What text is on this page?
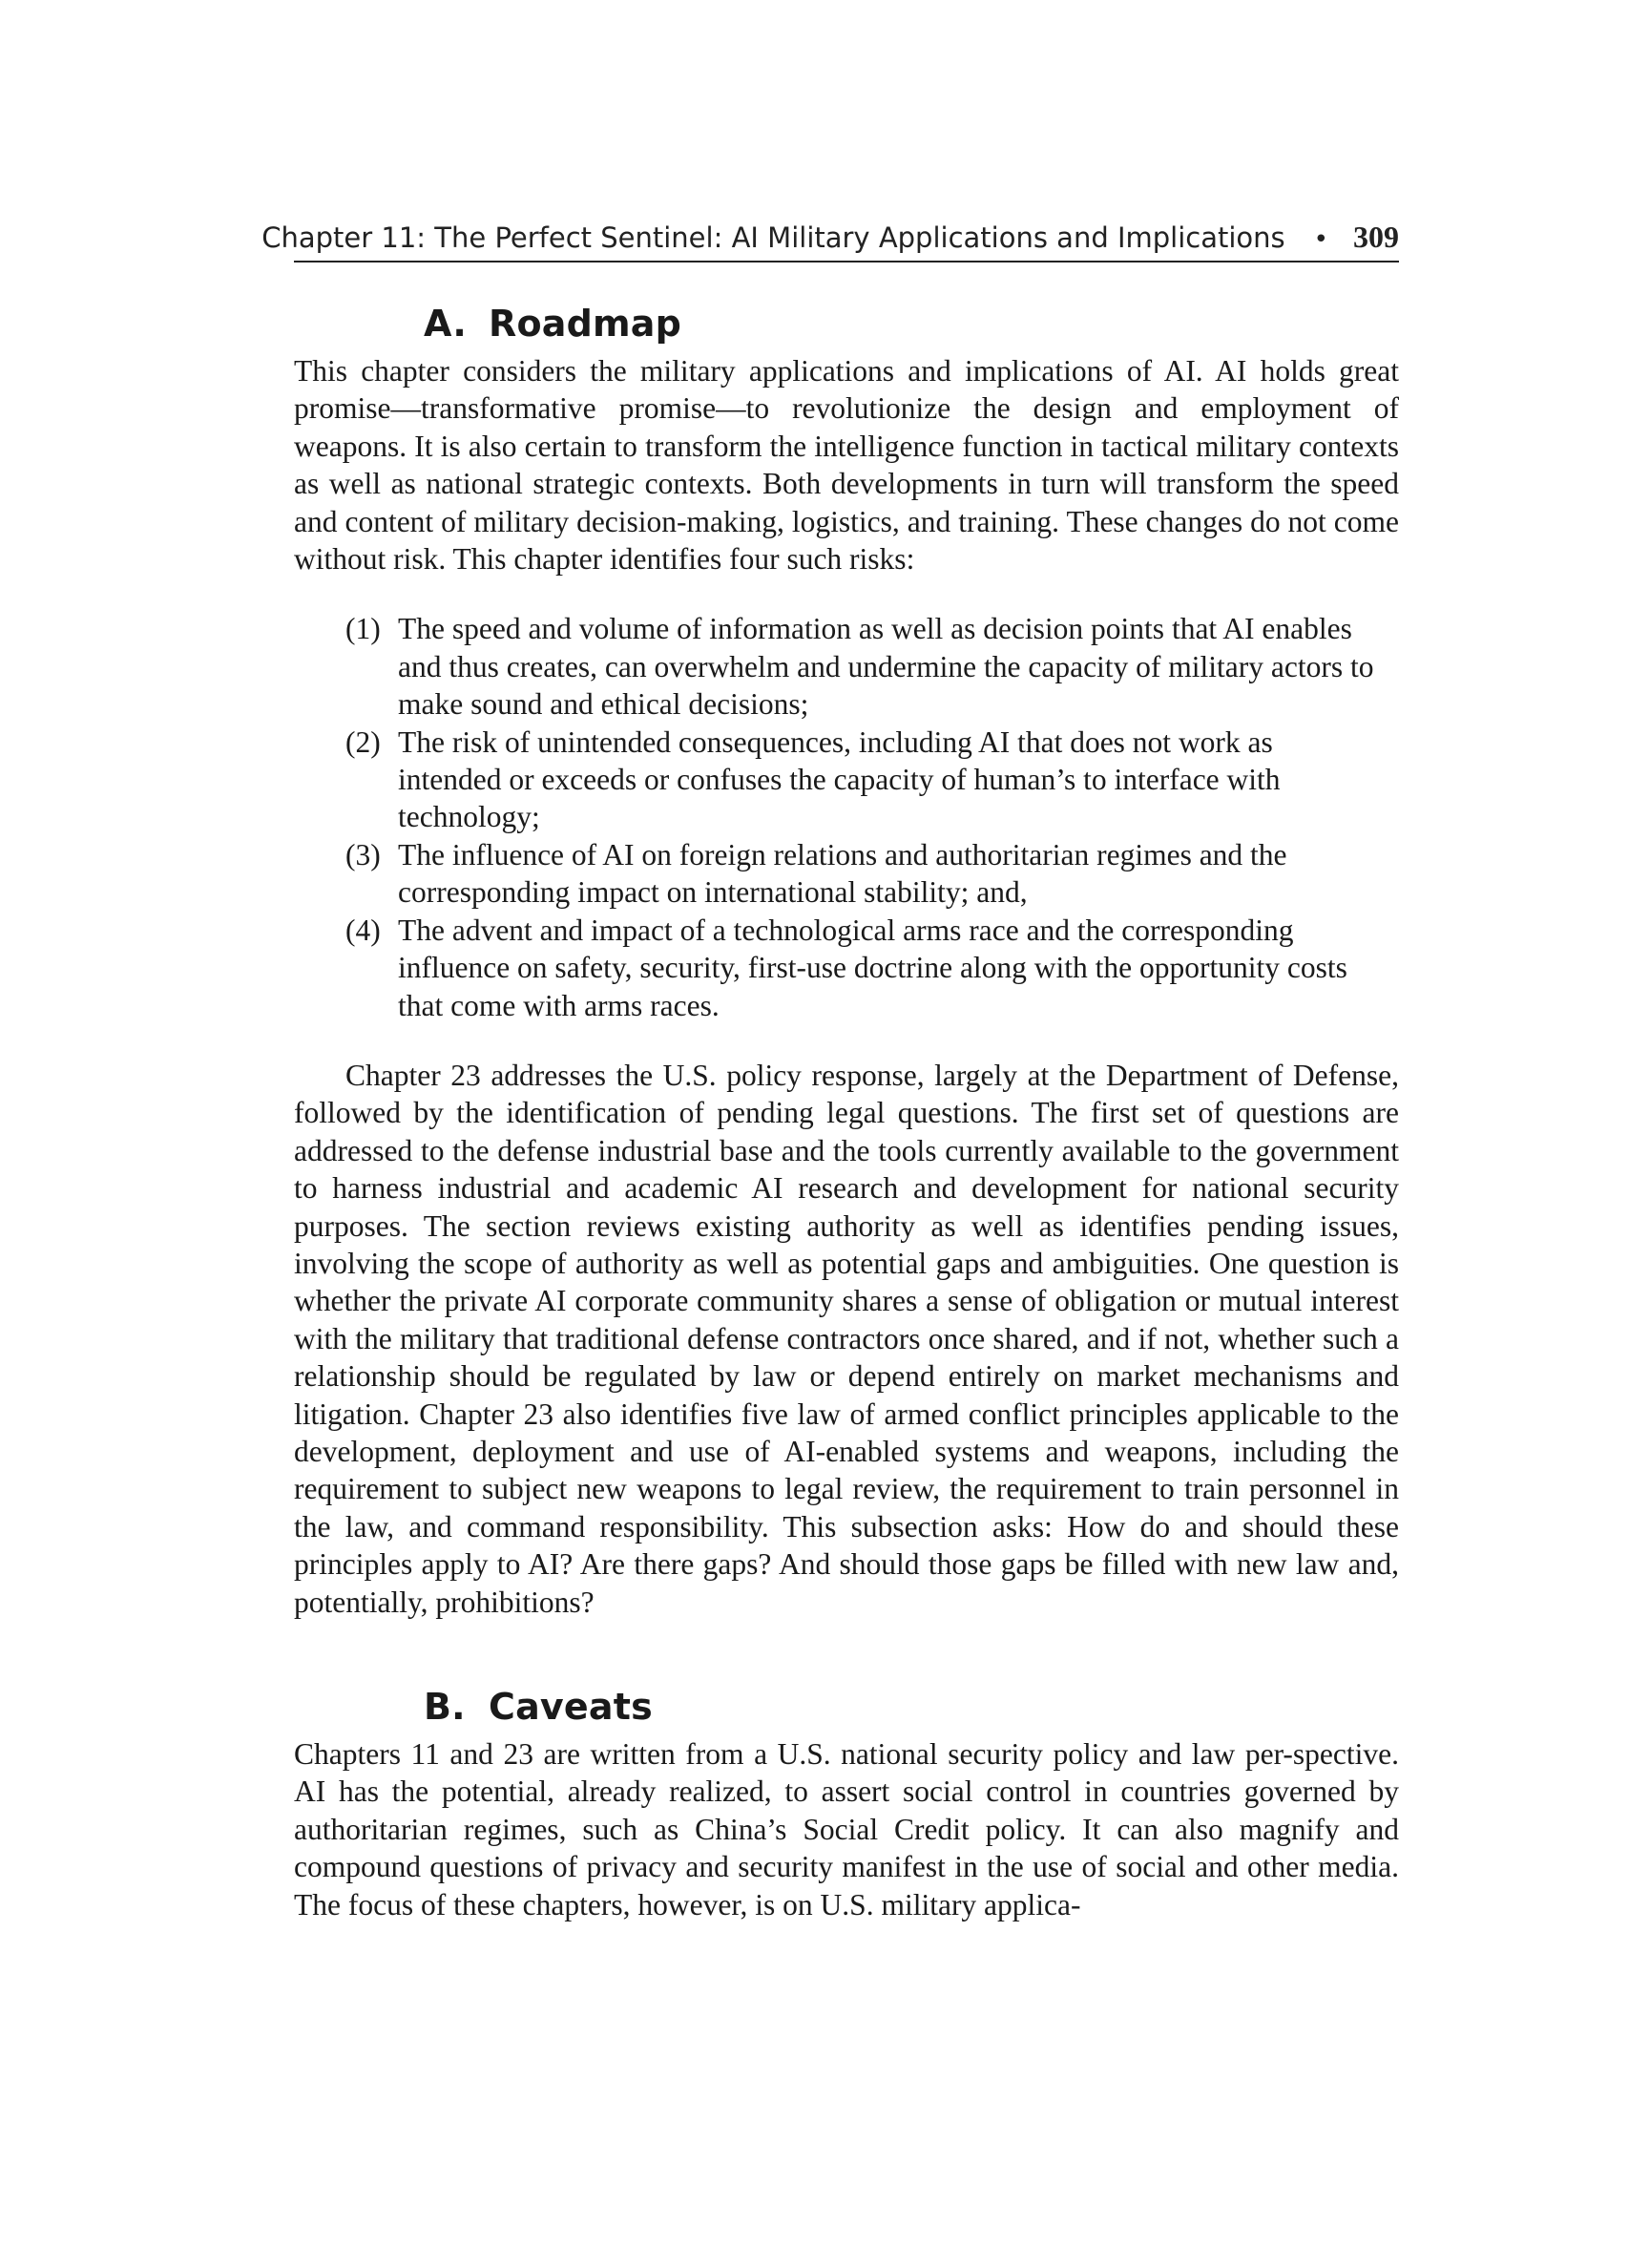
Chapter 11: The Perfect Sentinel: AI Military Applications and Implications • 309
A. Roadmap

This chapter considers the military applications and implications of AI. AI holds great promise—transformative promise—to revolutionize the design and employment of weapons. It is also certain to transform the intelligence function in tactical military contexts as well as national strategic contexts. Both developments in turn will transform the speed and content of military decision-making, logistics, and training. These changes do not come without risk. This chapter identifies four such risks:

(1) The speed and volume of information as well as decision points that AI enables and thus creates, can overwhelm and undermine the capacity of military actors to make sound and ethical decisions;
(2) The risk of unintended consequences, including AI that does not work as intended or exceeds or confuses the capacity of human’s to interface with technology;
(3) The influence of AI on foreign relations and authoritarian regimes and the corresponding impact on international stability; and,
(4) The advent and impact of a technological arms race and the corresponding influence on safety, security, first-use doctrine along with the opportunity costs that come with arms races.

Chapter 23 addresses the U.S. policy response, largely at the Department of Defense, followed by the identification of pending legal questions. The first set of questions are addressed to the defense industrial base and the tools currently available to the government to harness industrial and academic AI research and development for national security purposes. The section reviews existing authority as well as identifies pending issues, involving the scope of authority as well as potential gaps and ambiguities. One question is whether the private AI corporate community shares a sense of obligation or mutual interest with the military that traditional defense contractors once shared, and if not, whether such a relationship should be regulated by law or depend entirely on market mechanisms and litigation. Chapter 23 also identifies five law of armed conflict principles applicable to the development, deployment and use of AI-enabled systems and weapons, including the requirement to subject new weapons to legal review, the requirement to train personnel in the law, and command responsibility. This subsection asks: How do and should these principles apply to AI? Are there gaps? And should those gaps be filled with new law and, potentially, prohibitions?

B. Caveats

Chapters 11 and 23 are written from a U.S. national security policy and law per-spective. AI has the potential, already realized, to assert social control in countries governed by authoritarian regimes, such as China’s Social Credit policy. It can also magnify and compound questions of privacy and security manifest in the use of social and other media. The focus of these chapters, however, is on U.S. military applica-
